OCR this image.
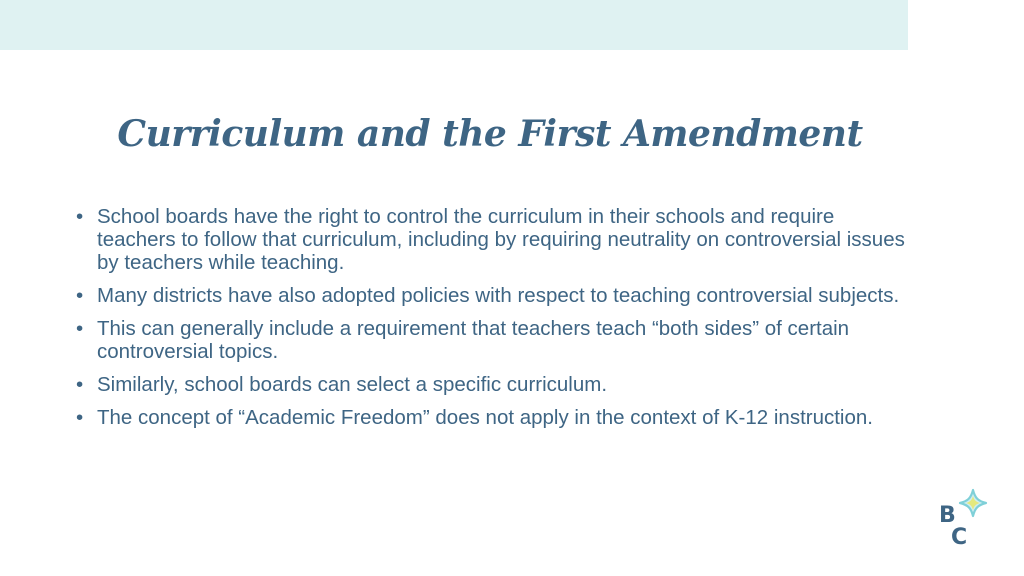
Curriculum and the First Amendment
• School boards have the right to control the curriculum in their schools and require teachers to follow that curriculum, including by requiring neutrality on controversial issues by teachers while teaching.
• Many districts have also adopted policies with respect to teaching controversial subjects.
• This can generally include a requirement that teachers teach “both sides” of certain controversial topics.
• Similarly, school boards can select a specific curriculum.
• The concept of “Academic Freedom” does not apply in the context of K-12 instruction.
B
C
